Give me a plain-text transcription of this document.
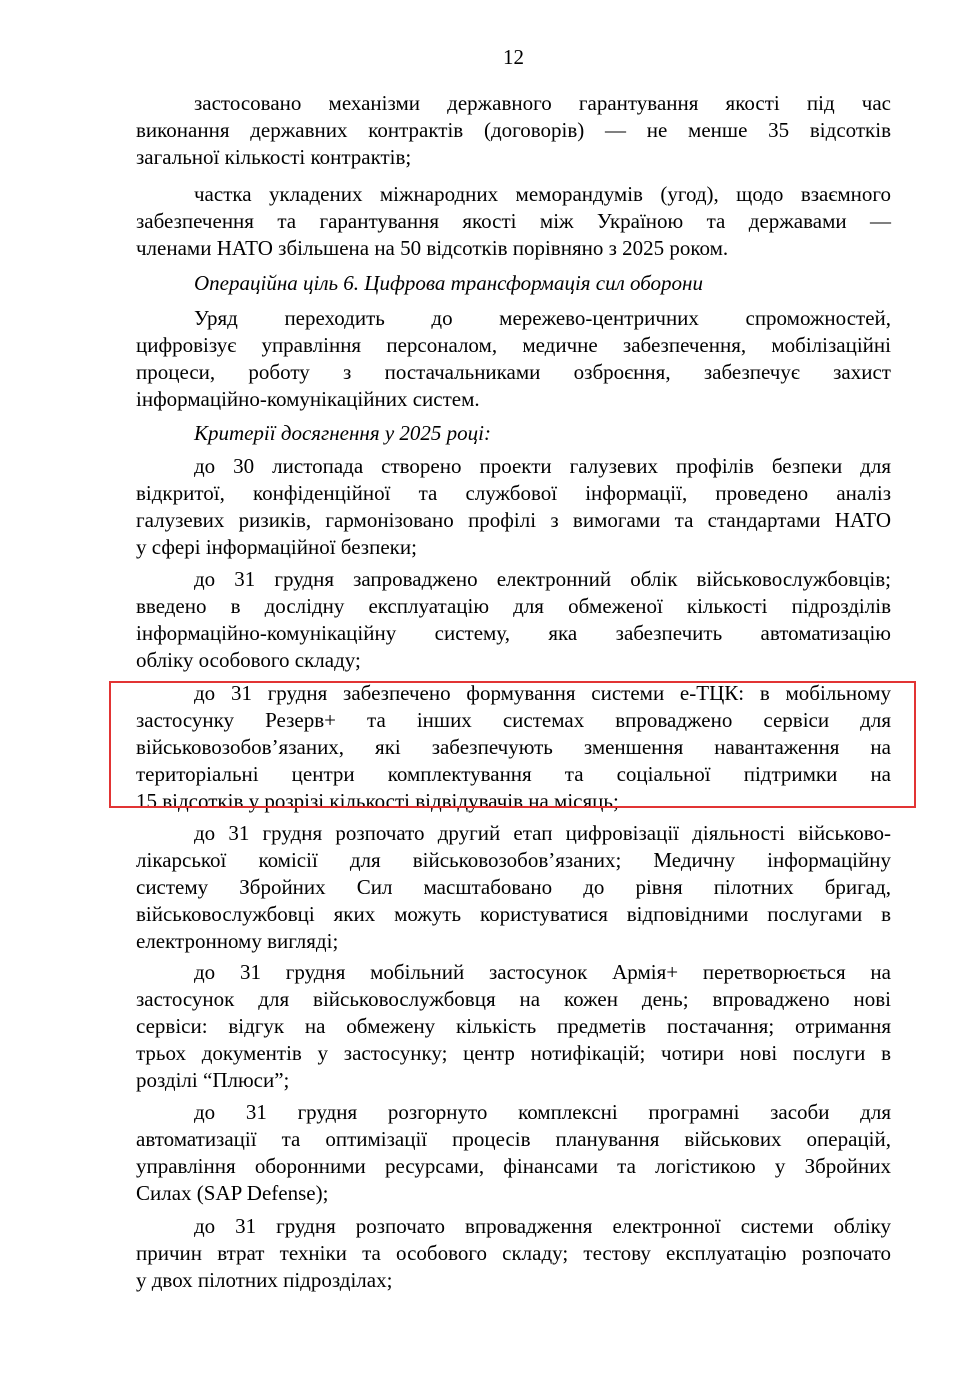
12
застосовано механізми державного гарантування якості під час
виконання державних контрактів (договорів) — не менше 35 відсотків
загальної кількості контрактів;
частка укладених міжнародних меморандумів (угод), щодо взаємного
забезпечення та гарантування якості між Україною та державами —
членами НАТО збільшена на 50 відсотків порівняно з 2025 роком.
Операційна ціль 6. Цифрова трансформація сил оборони
Уряд переходить до мережево-центричних спроможностей,
цифровізує управління персоналом, медичне забезпечення, мобілізаційні
процеси, роботу з постачальниками озброєння, забезпечує захист
інформаційно-комунікаційних систем.
Критерії досягнення у 2025 році:
до 30 листопада створено проекти галузевих профілів безпеки для
відкритої, конфіденційної та службової інформації, проведено аналіз
галузевих ризиків, гармонізовано профілі з вимогами та стандартами НАТО
у сфері інформаційної безпеки;
до 31 грудня запроваджено електронний облік військовослужбовців;
введено в дослідну експлуатацію для обмеженої кількості підрозділів
інформаційно-комунікаційну систему, яка забезпечить автоматизацію
обліку особового складу;
до 31 грудня забезпечено формування системи е-ТЦК: в мобільному
застосунку Резерв+ та інших системах впроваджено сервіси для
військовозобов’язаних, які забезпечують зменшення навантаження на
територіальні центри комплектування та соціальної підтримки на
15 відсотків у розрізі кількості відвідувачів на місяць;
до 31 грудня розпочато другий етап цифровізації діяльності військово-
лікарської комісії для військовозобов’язаних; Медичну інформаційну
систему Збройних Сил масштабовано до рівня пілотних бригад,
військовослужбовці яких можуть користуватися відповідними послугами в
електронному вигляді;
до 31 грудня мобільний застосунок Армія+ перетворюється на
застосунок для військовослужбовця на кожен день; впроваджено нові
сервіси: відгук на обмежену кількість предметів постачання; отримання
трьох документів у застосунку; центр нотифікацій; чотири нові послуги в
розділі “Плюси”;
до 31 грудня розгорнуто комплексні програмні засоби для
автоматизації та оптимізації процесів планування військових операцій,
управління оборонними ресурсами, фінансами та логістикою у Збройних
Силах (SAP Defense);
до 31 грудня розпочато впровадження електронної системи обліку
причин втрат техніки та особового складу; тестову експлуатацію розпочато
у двох пілотних підрозділах;
